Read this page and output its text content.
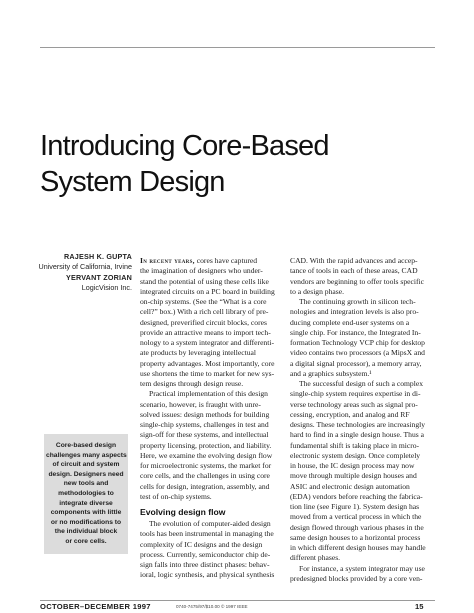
Introducing Core-Based
System Design
RAJESH K. GUPTA
University of California, Irvine
YERVANT ZORIAN
LogicVision Inc.
Core-based design
challenges many aspects
of circuit and system
design. Designers need
new tools and
methodologies to
integrate diverse
components with little
or no modifications to
the individual block
or core cells.
In recent years, cores have captured
the imagination of designers who under-
stand the potential of using these cells like
integrated circuits on a PC board in building
on-chip systems. (See the “What is a core
cell?” box.) With a rich cell library of pre-
designed, preverified circuit blocks, cores
provide an attractive means to import tech-
nology to a system integrator and differenti-
ate products by leveraging intellectual
property advantages. Most importantly, core
use shortens the time to market for new sys-
tem designs through design reuse.
Practical implementation of this design
scenario, however, is fraught with unre-
solved issues: design methods for building
single-chip systems, challenges in test and
sign-off for these systems, and intellectual
property licensing, protection, and liability.
Here, we examine the evolving design flow
for microelectronic systems, the market for
core cells, and the challenges in using core
cells for design, integration, assembly, and
test of on-chip systems.
Evolving design flow
The evolution of computer-aided design
tools has been instrumental in managing the
complexity of IC designs and the design
process. Currently, semiconductor chip de-
sign falls into three distinct phases: behav-
ioral, logic synthesis, and physical synthesis
CAD. With the rapid advances and accep-
tance of tools in each of these areas, CAD
vendors are beginning to offer tools specific
to a design phase.
The continuing growth in silicon tech-
nologies and integration levels is also pro-
ducing complete end-user systems on a
single chip. For instance, the Integrated In-
formation Technology VCP chip for desktop
video contains two processors (a MipsX and
a digital signal processor), a memory array,
and a graphics subsystem.¹
The successful design of such a complex
single-chip system requires expertise in di-
verse technology areas such as signal pro-
cessing, encryption, and analog and RF
designs. These technologies are increasingly
hard to find in a single design house. Thus a
fundamental shift is taking place in micro-
electronic system design. Once completely
in house, the IC design process may now
move through multiple design houses and
ASIC and electronic design automation
(EDA) vendors before reaching the fabrica-
tion line (see Figure 1). System design has
moved from a vertical process in which the
design flowed through various phases in the
same design houses to a horizontal process
in which different design houses may handle
different phases.
For instance, a system integrator may use
predesigned blocks provided by a core ven-
OCTOBER–DECEMBER 1997	0740-7475/97/$10.00 © 1997 IEEE	15
